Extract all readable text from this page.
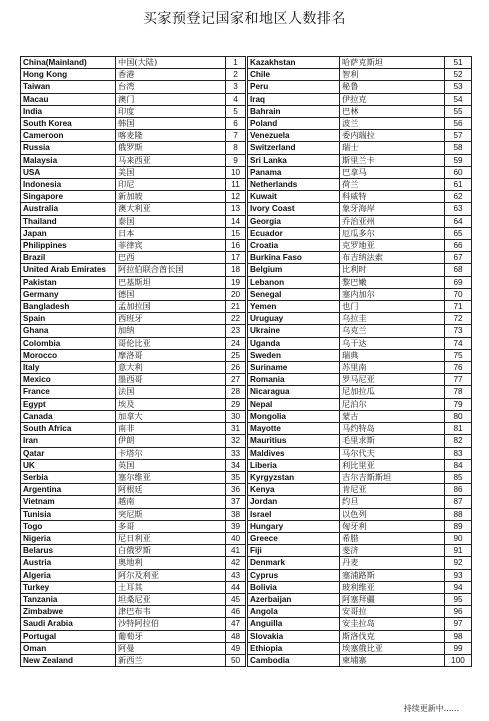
买家预登记国家和地区人数排名
China(Mainland)	中国(大陆)	1		Kazakhstan	哈萨克斯坦	51
Hong Kong	香港	2		Chile	智利	52
Taiwan	台湾	3		Peru	秘鲁	53
Macau	澳门	4		Iraq	伊拉克	54
India	印度	5		Bahrain	巴林	55
South Korea	韩国	6		Poland	波兰	56
Cameroon	喀麦隆	7		Venezuela	委内瑞拉	57
Russia	俄罗斯	8		Switzerland	瑞士	58
Malaysia	马来西亚	9		Sri Lanka	斯里兰卡	59
USA	美国	10		Panama	巴拿马	60
Indonesia	印尼	11		Netherlands	荷兰	61
Singapore	新加坡	12		Kuwait	科威特	62
Australia	澳大利亚	13		Ivory Coast	象牙海岸	63
Thailand	泰国	14		Georgia	乔治亚州	64
Japan	日本	15		Ecuador	厄瓜多尔	65
Philippines	菲律宾	16		Croatia	克罗地亚	66
Brazil	巴西	17		Burkina Faso	布吉纳法索	67
United Arab Emirates	阿拉伯联合酋长国	18		Belgium	比利时	68
Pakistan	巴基斯坦	19		Lebanon	黎巴嫩	69
Germany	德国	20		Senegal	塞内加尔	70
Bangladesh	孟加拉国	21		Yemen	也门	71
Spain	西班牙	22		Uruguay	乌拉圭	72
Ghana	加纳	23		Ukraine	乌克兰	73
Colombia	哥伦比亚	24		Uganda	乌干达	74
Morocco	摩洛哥	25		Sweden	瑞典	75
Italy	意大利	26		Suriname	苏里南	76
Mexico	墨西哥	27		Romania	罗马尼亚	77
France	法国	28		Nicaragua	尼加拉瓜	78
Egypt	埃及	29		Nepal	尼泊尔	79
Canada	加拿大	30		Mongolia	蒙古	80
South Africa	南非	31		Mayotte	马约特岛	81
Iran	伊朗	32		Mauritius	毛里求斯	82
Qatar	卡塔尔	33		Maldives	马尔代夫	83
UK	英国	34		Liberia	利比里亚	84
Serbia	塞尔维亚	35		Kyrgyzstan	吉尔吉斯斯坦	85
Argentina	阿根廷	36		Kenya	肯尼亚	86
Vietnam	越南	37		Jordan	约旦	87
Tunisia	突尼斯	38		Israel	以色列	88
Togo	多哥	39		Hungary	匈牙利	89
Nigeria	尼日利亚	40		Greece	希腊	90
Belarus	白俄罗斯	41		Fiji	斐济	91
Austria	奥地利	42		Denmark	丹麦	92
Algeria	阿尔及利亚	43		Cyprus	塞浦路斯	93
Turkey	土耳其	44		Bolivia	玻利维亚	94
Tanzania	坦桑尼亚	45		Azerbaijan	阿塞拜疆	95
Zimbabwe	津巴布韦	46		Angola	安哥拉	96
Saudi Arabia	沙特阿拉伯	47		Anguilla	安圭拉岛	97
Portugal	葡萄牙	48		Slovakia	斯洛伐克	98
Oman	阿曼	49		Ethiopia	埃塞俄比亚	99
New Zealand	新西兰	50		Cambodia	柬埔寨	100
持续更新中......
